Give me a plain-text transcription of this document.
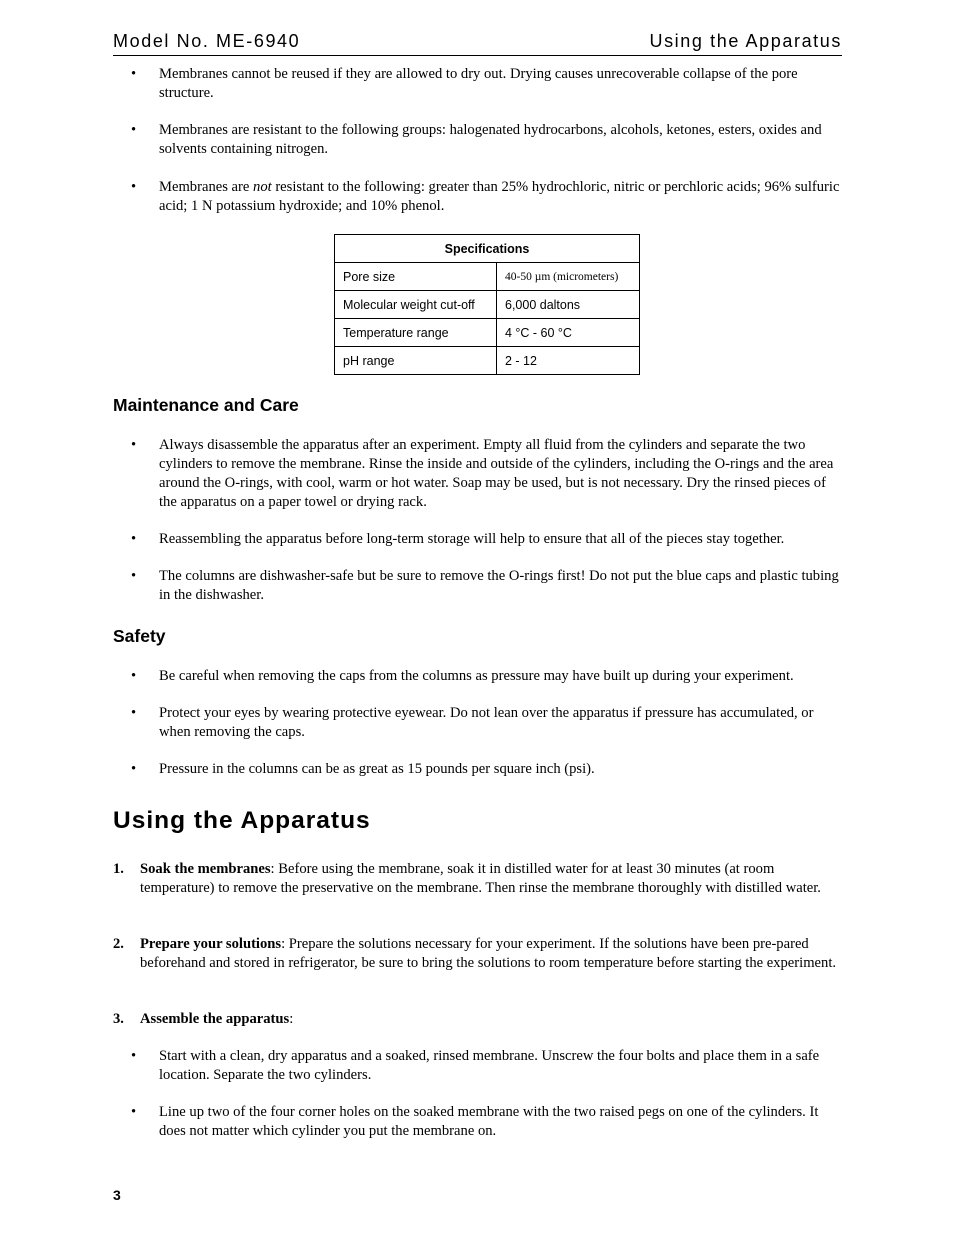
Model No. ME-6940	Using the Apparatus
• Membranes cannot be reused if they are allowed to dry out. Drying causes unrecoverable collapse of the pore structure.
• Membranes are resistant to the following groups: halogenated hydrocarbons, alcohols, ketones, esters, oxides and solvents containing nitrogen.
• Membranes are not resistant to the following: greater than 25% hydrochloric, nitric or perchloric acids; 96% sulfuric acid; 1 N potassium hydroxide; and 10% phenol.
Specifications	
Pore size	40-50 µm (micrometers)
Molecular weight cut-off	6,000 daltons
Temperature range	4 °C - 60 °C
pH range	2 - 12
Maintenance and Care
• Always disassemble the apparatus after an experiment. Empty all fluid from the cylinders and separate the two cylinders to remove the membrane. Rinse the inside and outside of the cylinders, including the O-rings and the area around the O-rings, with cool, warm or hot water. Soap may be used, but is not necessary. Dry the rinsed pieces of the apparatus on a paper towel or drying rack.
• Reassembling the apparatus before long-term storage will help to ensure that all of the pieces stay together.
• The columns are dishwasher-safe but be sure to remove the O-rings first! Do not put the blue caps and plastic tubing in the dishwasher.
Safety
• Be careful when removing the caps from the columns as pressure may have built up during your experiment.
• Protect your eyes by wearing protective eyewear. Do not lean over the apparatus if pressure has accumulated, or when removing the caps.
• Pressure in the columns can be as great as 15 pounds per square inch (psi).
Using the Apparatus
1. Soak the membranes: Before using the membrane, soak it in distilled water for at least 30 minutes (at room temperature) to remove the preservative on the membrane. Then rinse the membrane thoroughly with distilled water.
2. Prepare your solutions: Prepare the solutions necessary for your experiment. If the solutions have been pre-pared beforehand and stored in refrigerator, be sure to bring the solutions to room temperature before starting the experiment.
3. Assemble the apparatus:
• Start with a clean, dry apparatus and a soaked, rinsed membrane. Unscrew the four bolts and place them in a safe location. Separate the two cylinders.
• Line up two of the four corner holes on the soaked membrane with the two raised pegs on one of the cylinders. It does not matter which cylinder you put the membrane on.
3
